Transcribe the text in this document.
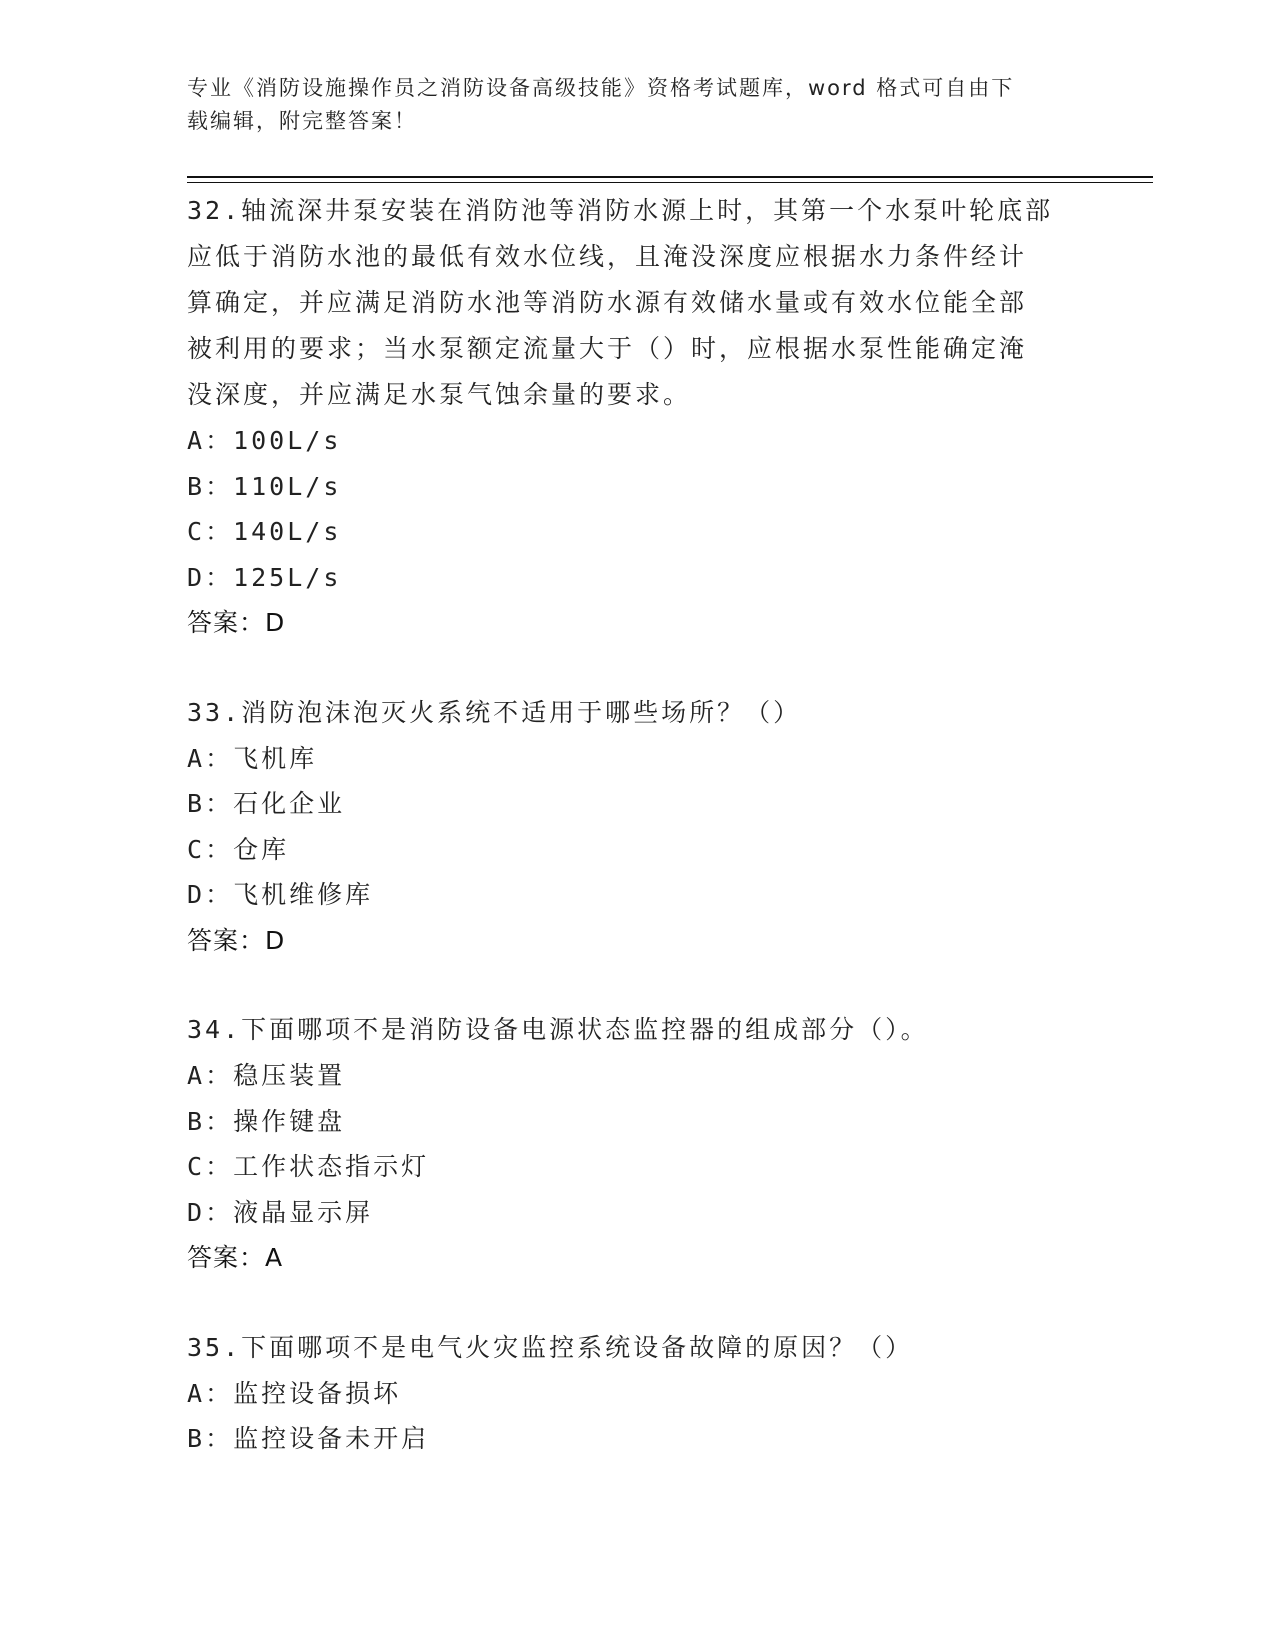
专业《消防设施操作员之消防设备高级技能》资格考试题库，word 格式可自由下
载编辑，附完整答案！
32.轴流深井泵安装在消防池等消防水源上时，其第一个水泵叶轮底部
应低于消防水池的最低有效水位线，且淹没深度应根据水力条件经计
算确定，并应满足消防水池等消防水源有效储水量或有效水位能全部
被利用的要求；当水泵额定流量大于（）时，应根据水泵性能确定淹
没深度，并应满足水泵气蚀余量的要求。
A：100L/s
B：110L/s
C：140L/s
D：125L/s
答案：D
33.消防泡沫泡灭火系统不适用于哪些场所？（）
A：飞机库
B：石化企业
C：仓库
D：飞机维修库
答案：D
34.下面哪项不是消防设备电源状态监控器的组成部分（）。
A：稳压装置
B：操作键盘
C：工作状态指示灯
D：液晶显示屏
答案：A
35.下面哪项不是电气火灾监控系统设备故障的原因？（）
A：监控设备损坏
B：监控设备未开启
